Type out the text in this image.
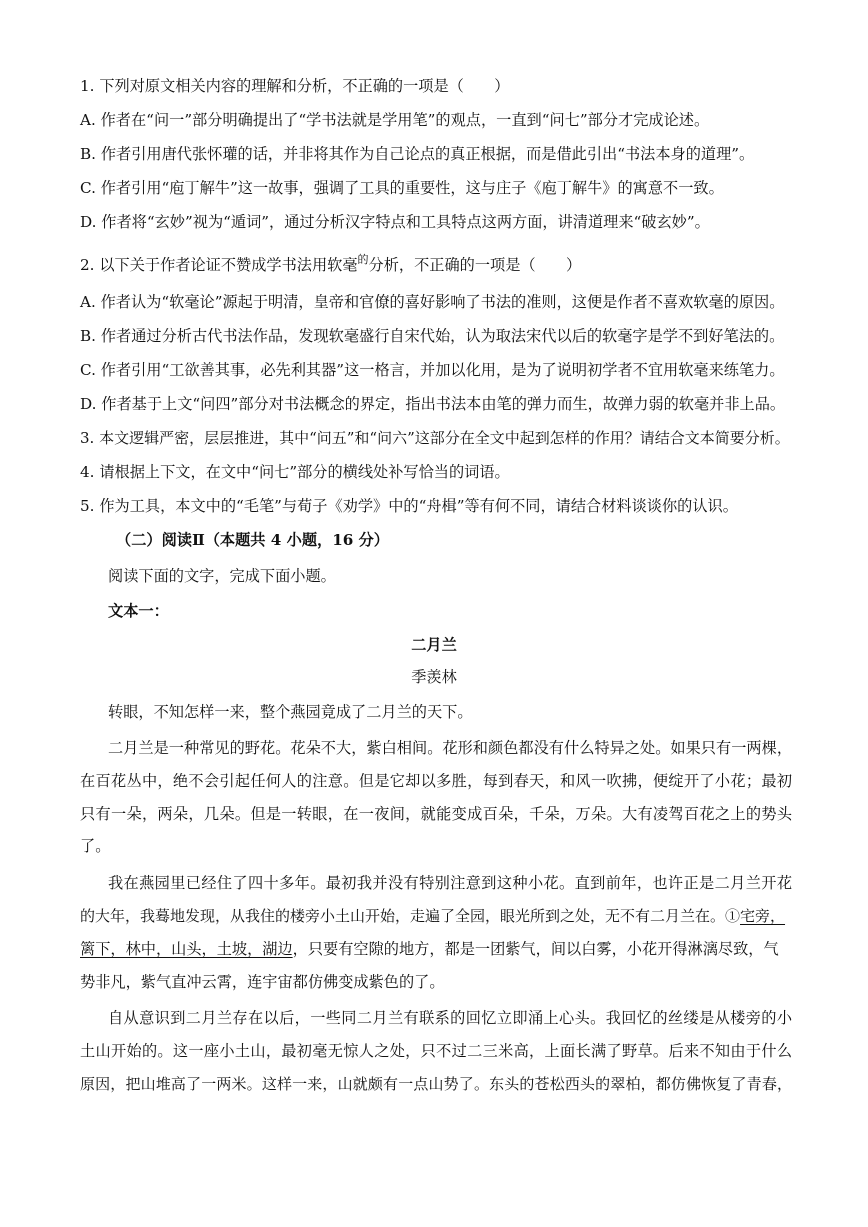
1. 下列对原文相关内容的理解和分析，不正确的一项是（　　）
A. 作者在“问一”部分明确提出了“学书法就是学用笔”的观点，一直到“问七”部分才完成论述。
B. 作者引用唐代张怀瓘的话，并非将其作为自己论点的真正根据，而是借此引出“书法本身的道理”。
C. 作者引用“庖丁解牛”这一故事，强调了工具的重要性，这与庄子《庖丁解牛》的寓意不一致。
D. 作者将“玄妙”视为“遁词”，通过分析汉字特点和工具特点这两方面，讲清道理来“破玄妙”。
2. 以下关于作者论证不赞成学书法用软毫$^的$分析，不正确的一项是（　　）
A. 作者认为“软毫论”源起于明清，皇帝和官僚的喜好影响了书法的准则，这便是作者不喜欢软毫的原因。
B. 作者通过分析古代书法作品，发现软毫盛行自宋代始，认为取法宋代以后的软毫字是学不到好笔法的。
C. 作者引用“工欲善其事，必先利其器”这一格言，并加以化用，是为了说明初学者不宜用软毫来练笔力。
D. 作者基于上文“问四”部分对书法概念的界定，指出书法本由笔的弹力而生，故弹力弱的软毫并非上品。
3. 本文逻辑严密，层层推进，其中“问五”和“问六”这部分在全文中起到怎样的作用？请结合文本简要分析。
4. 请根据上下文，在文中“问七”部分的横线处补写恰当的词语。
5. 作为工具，本文中的“毛笔”与荀子《劝学》中的“舟楫”等有何不同，请结合材料谈谈你的认识。
（二）阅读Ⅱ（本题共 4 小题，16 分）
阅读下面的文字，完成下面小题。
文本一：
二月兰
季羡林
转眼，不知怎样一来，整个燕园竟成了二月兰的天下。
二月兰是一种常见的野花。花朵不大，紫白相间。花形和颜色都没有什么特异之处。如果只有一两棵，
在百花丛中，绝不会引起任何人的注意。但是它却以多胜，每到春天，和风一吹拂，便绽开了小花；最初
只有一朵，两朵，几朵。但是一转眼，在一夜间，就能变成百朵，千朵，万朵。大有凌驾百花之上的势头
了。
我在燕园里已经住了四十多年。最初我并没有特别注意到这种小花。直到前年，也许正是二月兰开花
的大年，我蓦地发现，从我住的楼旁小土山开始，走遍了全园，眼光所到之处，无不有二月兰在。①宅旁，
篱下，林中，山头，土坡，湖边，只要有空隙的地方，都是一团紫气，间以白雾，小花开得淋漓尽致，气
势非凡，紫气直冲云霄，连宇宙都仿佛变成紫色的了。
自从意识到二月兰存在以后，一些同二月兰有联系的回忆立即涌上心头。我回忆的丝缕是从楼旁的小
土山开始的。这一座小土山，最初毫无惊人之处，只不过二三米高，上面长满了野草。后来不知由于什么
原因，把山堆高了一两米。这样一来，山就颇有一点山势了。东头的苍松西头的翠柏，都仿佛恢复了青春，
